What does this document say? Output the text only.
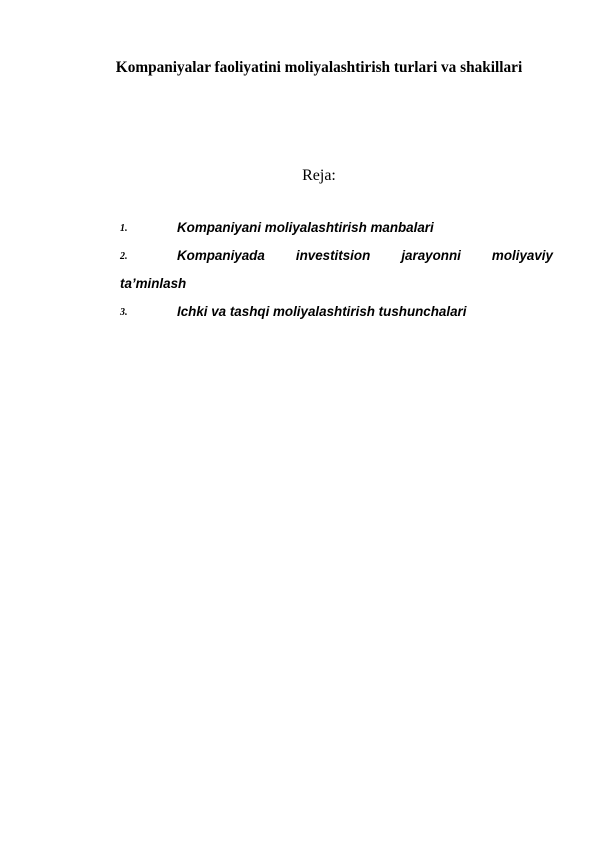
Kompaniyalar faoliyatini moliyalashtirish turlari va shakillari
Reja:
1.	Kompaniyani moliyalashtirish manbalari
2.	Kompaniyada investitsion jarayonni moliyaviy
ta’minlash
3.	Ichki va tashqi moliyalashtirish tushunchalari
